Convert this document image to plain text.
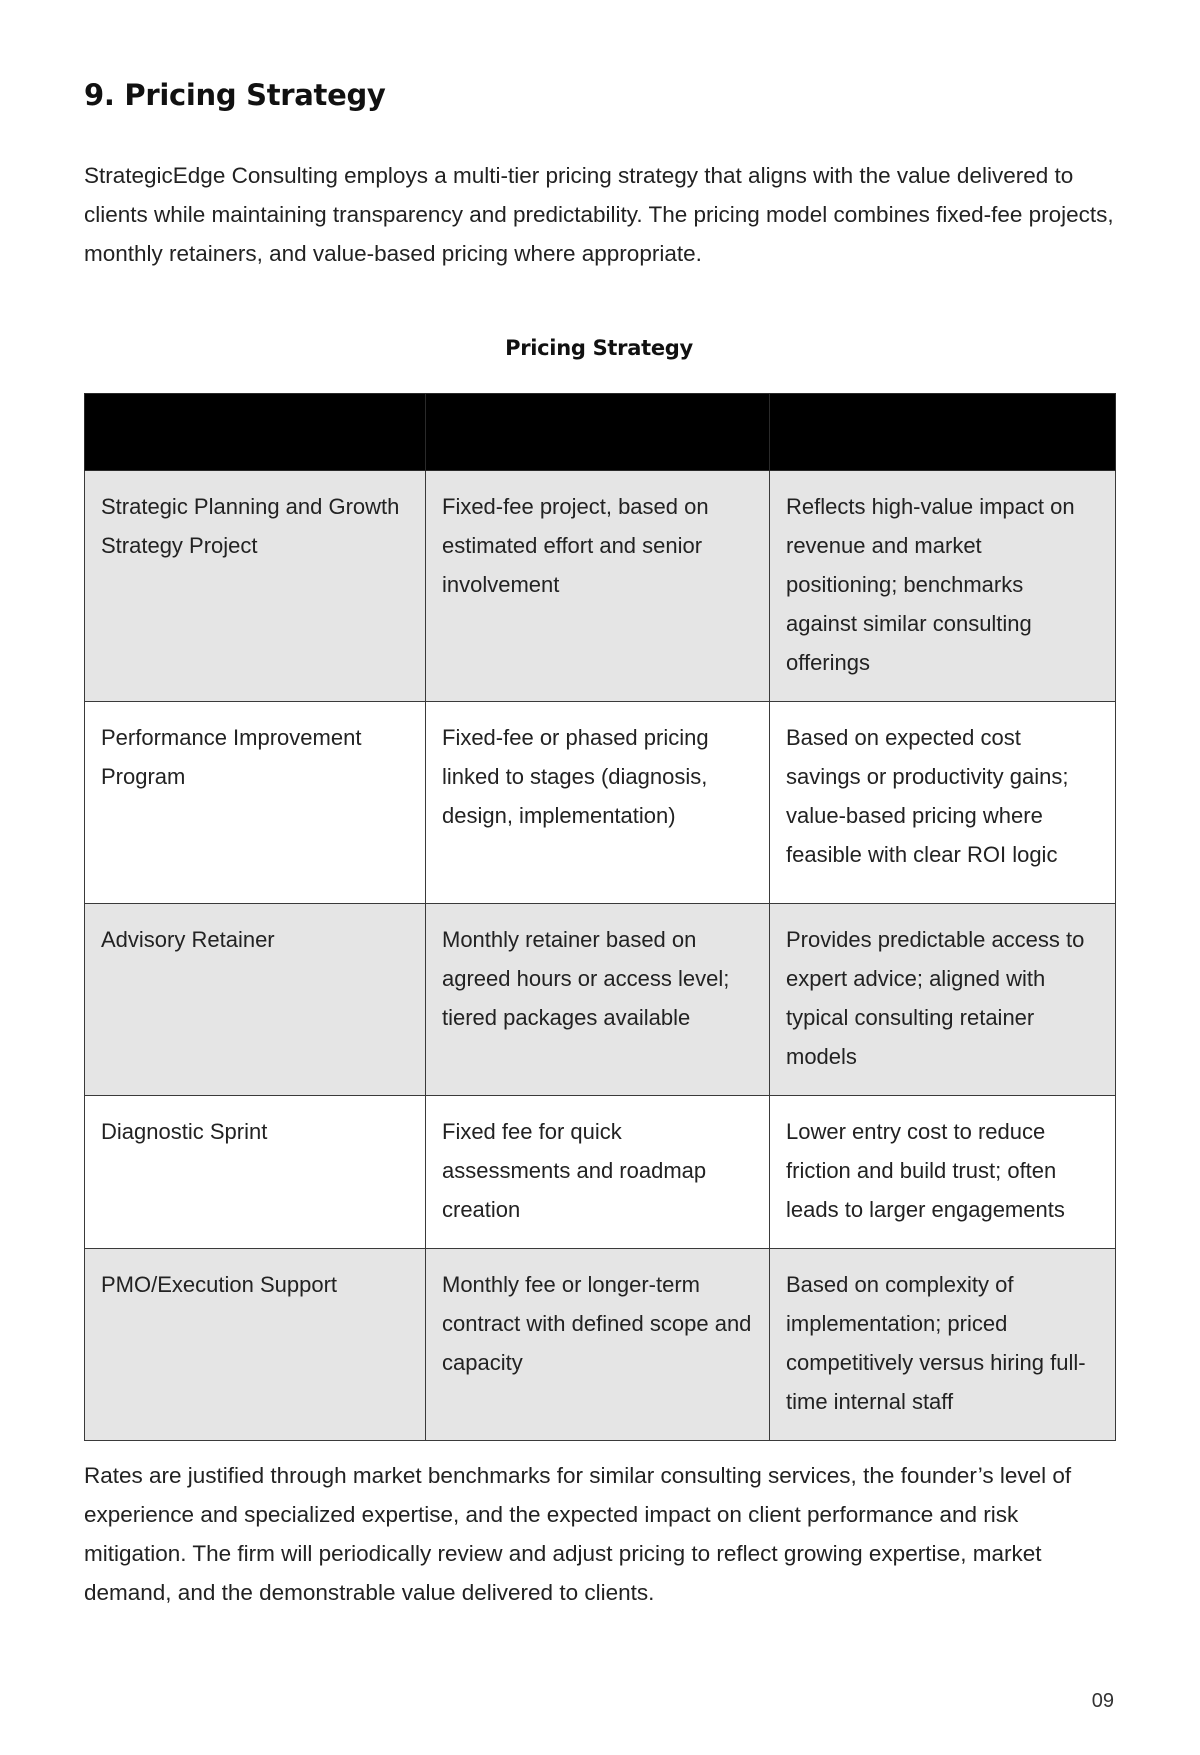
9. Pricing Strategy

StrategicEdge Consulting employs a multi-tier pricing strategy that aligns with the value delivered to clients while maintaining transparency and predictability. The pricing model combines fixed-fee projects, monthly retainers, and value-based pricing where appropriate.

Pricing Strategy

Strategic Planning and Growth Strategy Project	Fixed-fee project, based on estimated effort and senior involvement	Reflects high-value impact on revenue and market positioning; benchmarks against similar consulting offerings
Performance Improvement Program	Fixed-fee or phased pricing linked to stages (diagnosis, design, implementation)	Based on expected cost savings or productivity gains; value-based pricing where feasible with clear ROI logic
Advisory Retainer	Monthly retainer based on agreed hours or access level; tiered packages available	Provides predictable access to expert advice; aligned with typical consulting retainer models
Diagnostic Sprint	Fixed fee for quick assessments and roadmap creation	Lower entry cost to reduce friction and build trust; often leads to larger engagements
PMO/Execution Support	Monthly fee or longer-term contract with defined scope and capacity	Based on complexity of implementation; priced competitively versus hiring full-time internal staff

Rates are justified through market benchmarks for similar consulting services, the founder’s level of experience and specialized expertise, and the expected impact on client performance and risk mitigation. The firm will periodically review and adjust pricing to reflect growing expertise, market demand, and the demonstrable value delivered to clients.

09
